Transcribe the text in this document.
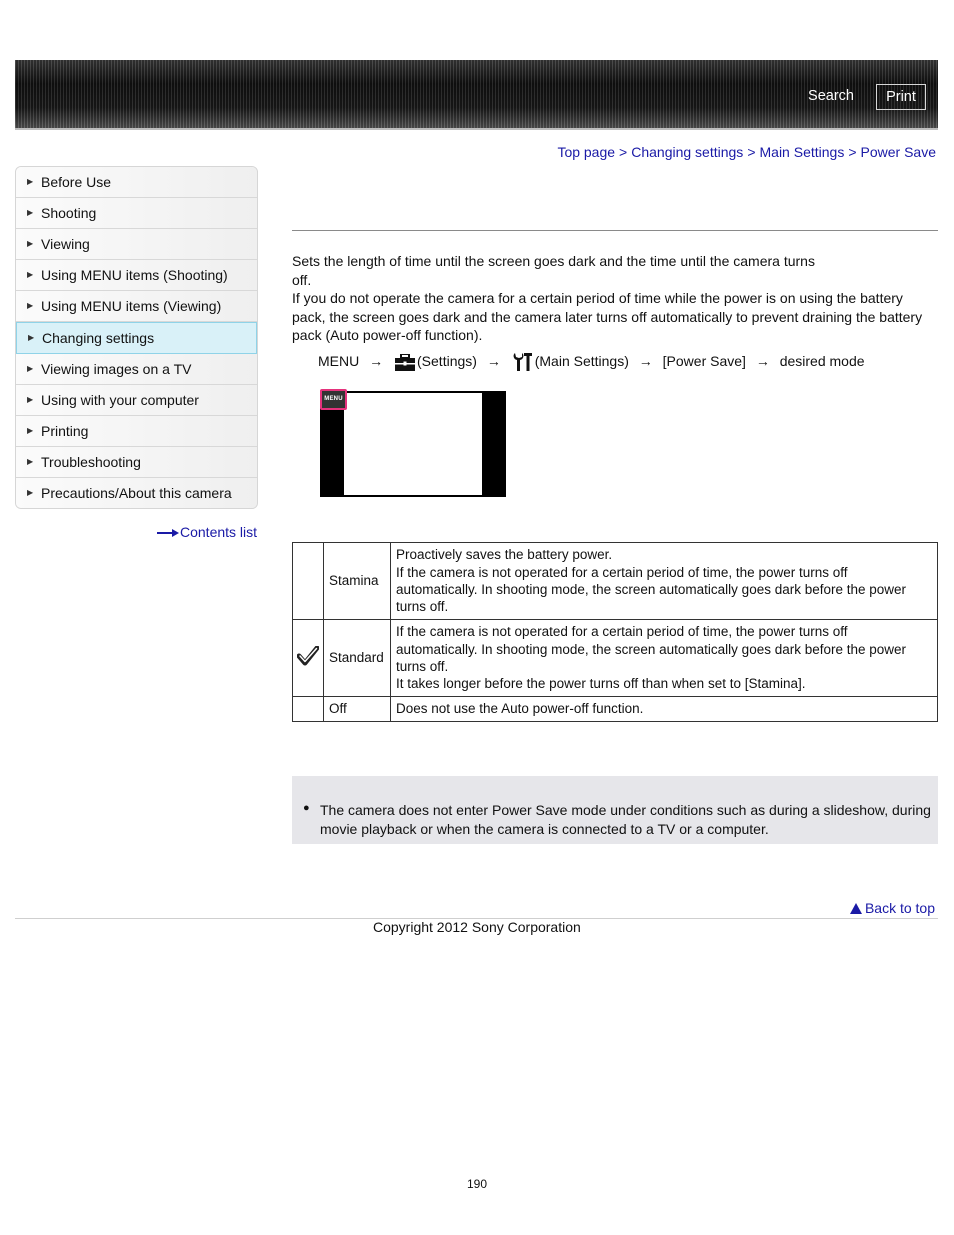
Search	Print
Top page > Changing settings > Main Settings > Power Save
▶ Before Use
▶ Shooting
▶ Viewing
▶ Using MENU items (Shooting)
▶ Using MENU items (Viewing)
▶ Changing settings
▶ Viewing images on a TV
▶ Using with your computer
▶ Printing
▶ Troubleshooting
▶ Precautions/About this camera
Contents list

Sets the length of time until the screen goes dark and the time until the camera turns off.

If you do not operate the camera for a certain period of time while the power is on using the battery pack, the screen goes dark and the camera later turns off automatically to prevent draining the battery pack (Auto power-off function).

MENU → (Settings) → (Main Settings) → [Power Save] → desired mode
MENU
	Stamina	Proactively saves the battery power.

If the camera is not operated for a certain period of time, the power turns off automatically. In shooting mode, the screen automatically goes dark before the power turns off.

	Standard	If the camera is not operated for a certain period of time, the power turns off automatically. In shooting mode, the screen automatically goes dark before the power turns off.

It takes longer before the power turns off than when set to [Stamina].

	Off	Does not use the Auto power-off function.

● The camera does not enter Power Save mode under conditions such as during a slideshow, during movie playback or when the camera is connected to a TV or a computer.
Back to top
Copyright 2012 Sony Corporation
190
